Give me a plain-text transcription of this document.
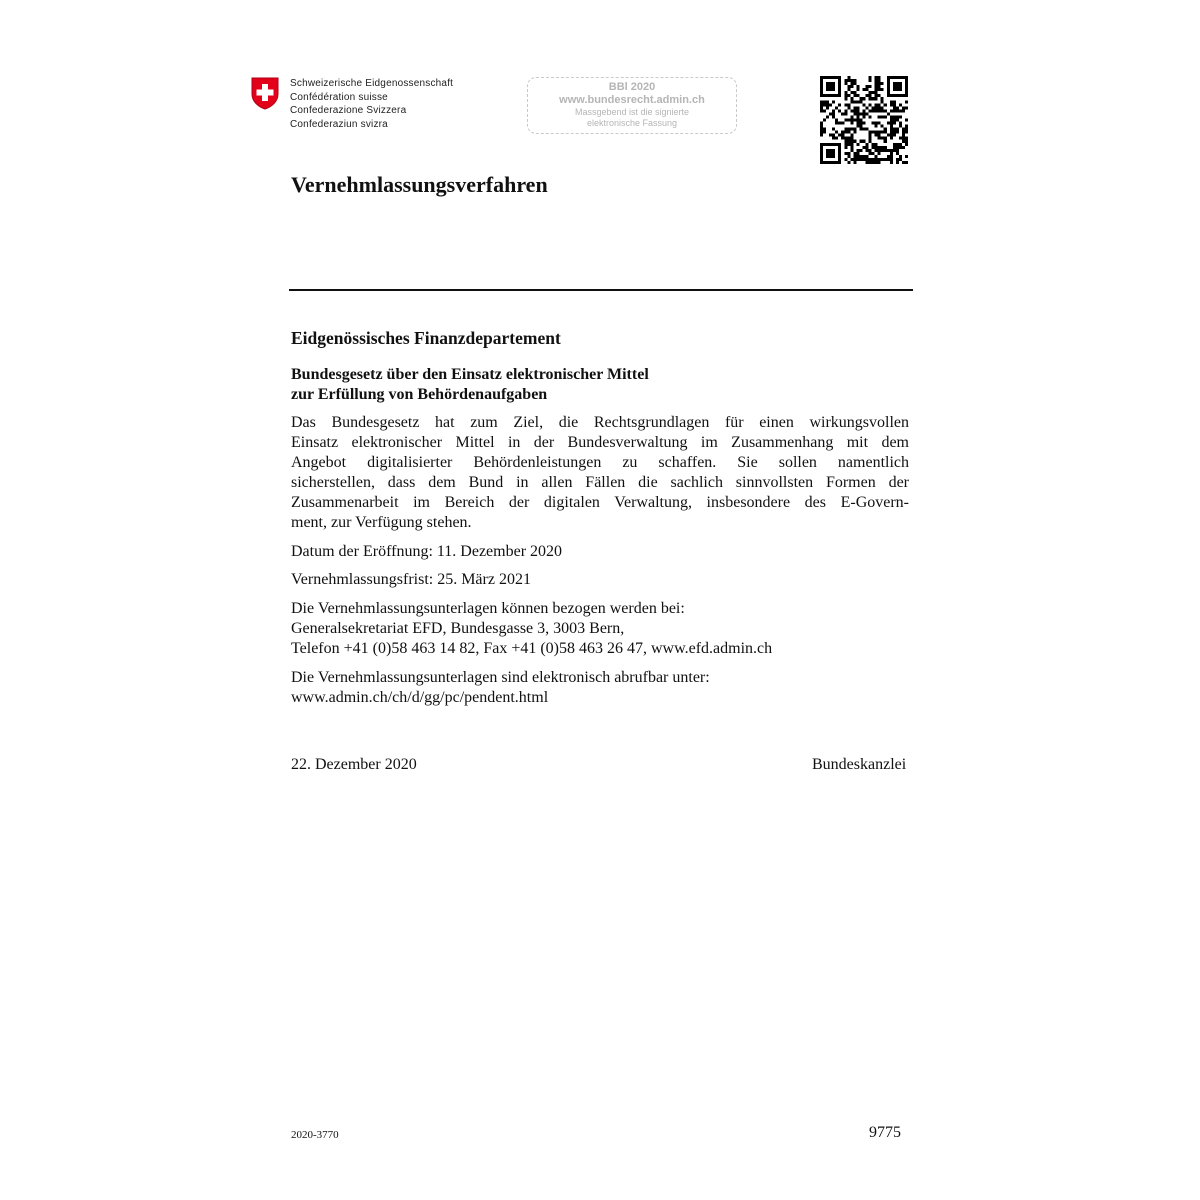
Schweizerische Eidgenossenschaft
Confédération suisse
Confederazione Svizzera
Confederaziun svizra
BBl 2020
www.bundesrecht.admin.ch
Massgebend ist die signierte
elektronische Fassung
Vernehmlassungsverfahren
Eidgenössisches Finanzdepartement
Bundesgesetz über den Einsatz elektronischer Mittel
zur Erfüllung von Behördenaufgaben
Das Bundesgesetz hat zum Ziel, die Rechtsgrundlagen für einen wirkungsvollen
Einsatz elektronischer Mittel in der Bundesverwaltung im Zusammenhang mit dem
Angebot digitalisierter Behördenleistungen zu schaffen. Sie sollen namentlich
sicherstellen, dass dem Bund in allen Fällen die sachlich sinnvollsten Formen der
Zusammenarbeit im Bereich der digitalen Verwaltung, insbesondere des E-Govern-
ment, zur Verfügung stehen.
Datum der Eröffnung: 11. Dezember 2020
Vernehmlassungsfrist: 25. März 2021
Die Vernehmlassungsunterlagen können bezogen werden bei:
Generalsekretariat EFD, Bundesgasse 3, 3003 Bern,
Telefon +41 (0)58 463 14 82, Fax +41 (0)58 463 26 47, www.efd.admin.ch
Die Vernehmlassungsunterlagen sind elektronisch abrufbar unter:
www.admin.ch/ch/d/gg/pc/pendent.html
22. Dezember 2020	Bundeskanzlei
2020-3770	9775
